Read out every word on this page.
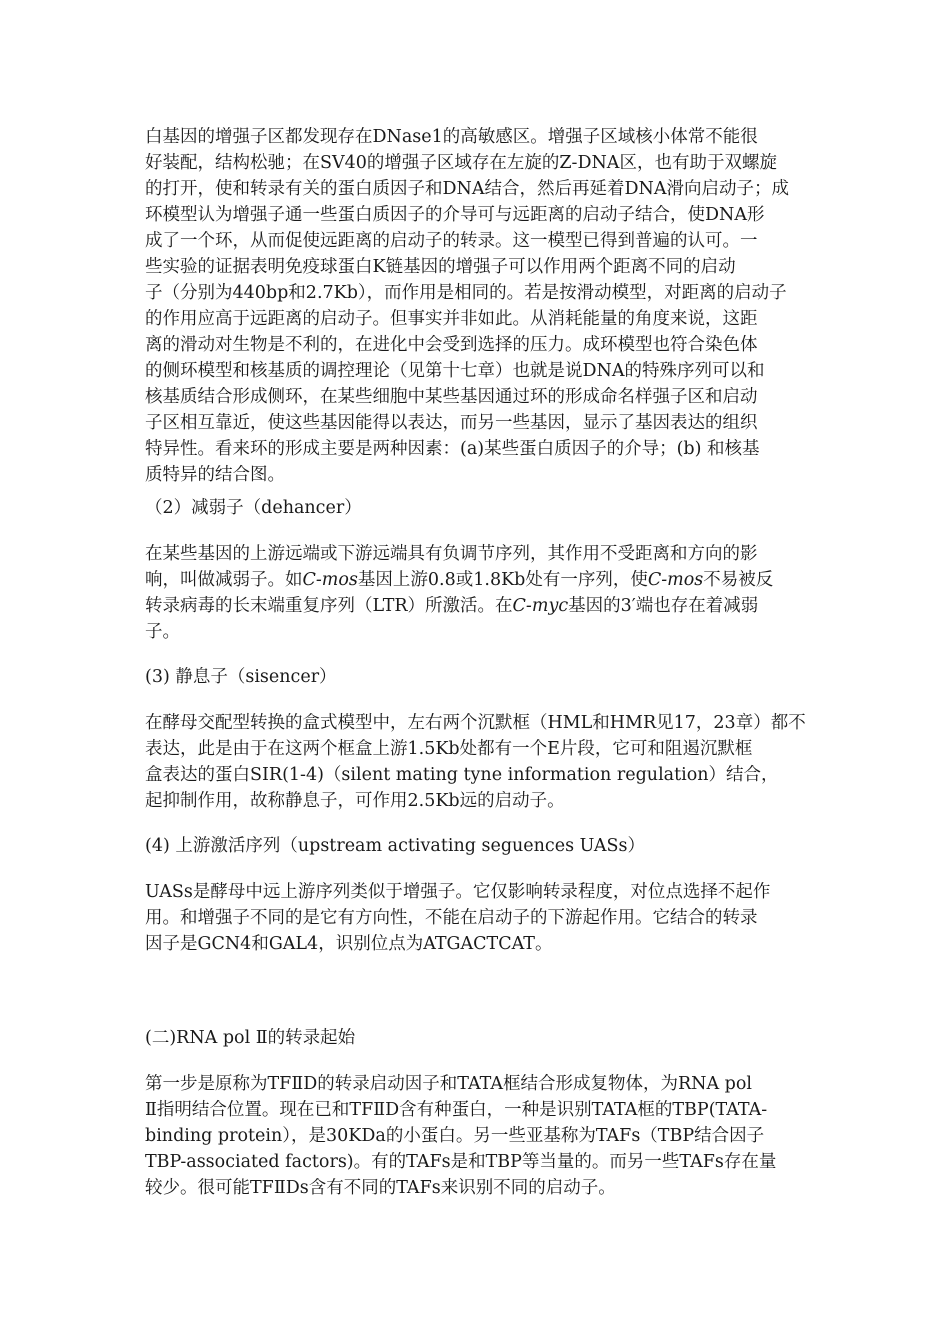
白基因的增强子区都发现存在DNase1的高敏感区。增强子区域核小体常不能很
好装配，结构松驰；在SV40的增强子区域存在左旋的Z-DNA区，也有助于双螺旋
的打开，使和转录有关的蛋白质因子和DNA结合，然后再延着DNA滑向启动子；成
环模型认为增强子通一些蛋白质因子的介导可与远距离的启动子结合，使DNA形
成了一个环，从而促使远距离的启动子的转录。这一模型已得到普遍的认可。一
些实验的证据表明免疫球蛋白K链基因的增强子可以作用两个距离不同的启动
子（分别为440bp和2.7Kb），而作用是相同的。若是按滑动模型，对距离的启动子
的作用应高于远距离的启动子。但事实并非如此。从消耗能量的角度来说，这距
离的滑动对生物是不利的，在进化中会受到选择的压力。成环模型也符合染色体
的侧环模型和核基质的调控理论（见第十七章）也就是说DNA的特殊序列可以和
核基质结合形成侧环，在某些细胞中某些基因通过环的形成命名样强子区和启动
子区相互靠近，使这些基因能得以表达，而另一些基因，显示了基因表达的组织
特异性。看来环的形成主要是两种因素：(a)某些蛋白质因子的介导；(b) 和核基
质特异的结合图。
（2）减弱子（dehancer）
在某些基因的上游远端或下游远端具有负调节序列，其作用不受距离和方向的影
响，叫做减弱子。如C-mos基因上游0.8或1.8Kb处有一序列，使C-mos不易被反
转录病毒的长末端重复序列（LTR）所激活。在C-myc基因的3′端也存在着减弱
子。
(3) 静息子（sisencer）
在酵母交配型转换的盒式模型中，左右两个沉默框（HML和HMR见17，23章）都不
表达，此是由于在这两个框盒上游1.5Kb处都有一个E片段，它可和阻遏沉默框
盒表达的蛋白SIR(1-4)（silent mating tyne information regulation）结合，
起抑制作用，故称静息子，可作用2.5Kb远的启动子。
(4) 上游激活序列（upstream activating seguences UASs）
UASs是酵母中远上游序列类似于增强子。它仅影响转录程度，对位点选择不起作
用。和增强子不同的是它有方向性，不能在启动子的下游起作用。它结合的转录
因子是GCN4和GAL4，识别位点为ATGACTCAT。
(二)RNA pol Ⅱ的转录起始
第一步是原称为TFⅡD的转录启动因子和TATA框结合形成复物体，为RNA pol
Ⅱ指明结合位置。现在已和TFⅡD含有种蛋白，一种是识别TATA框的TBP(TATA-
binding protein），是30KDa的小蛋白。另一些亚基称为TAFs（TBP结合因子
TBP-associated factors)。有的TAFs是和TBP等当量的。而另一些TAFs存在量
较少。很可能TFⅡDs含有不同的TAFs来识别不同的启动子。
